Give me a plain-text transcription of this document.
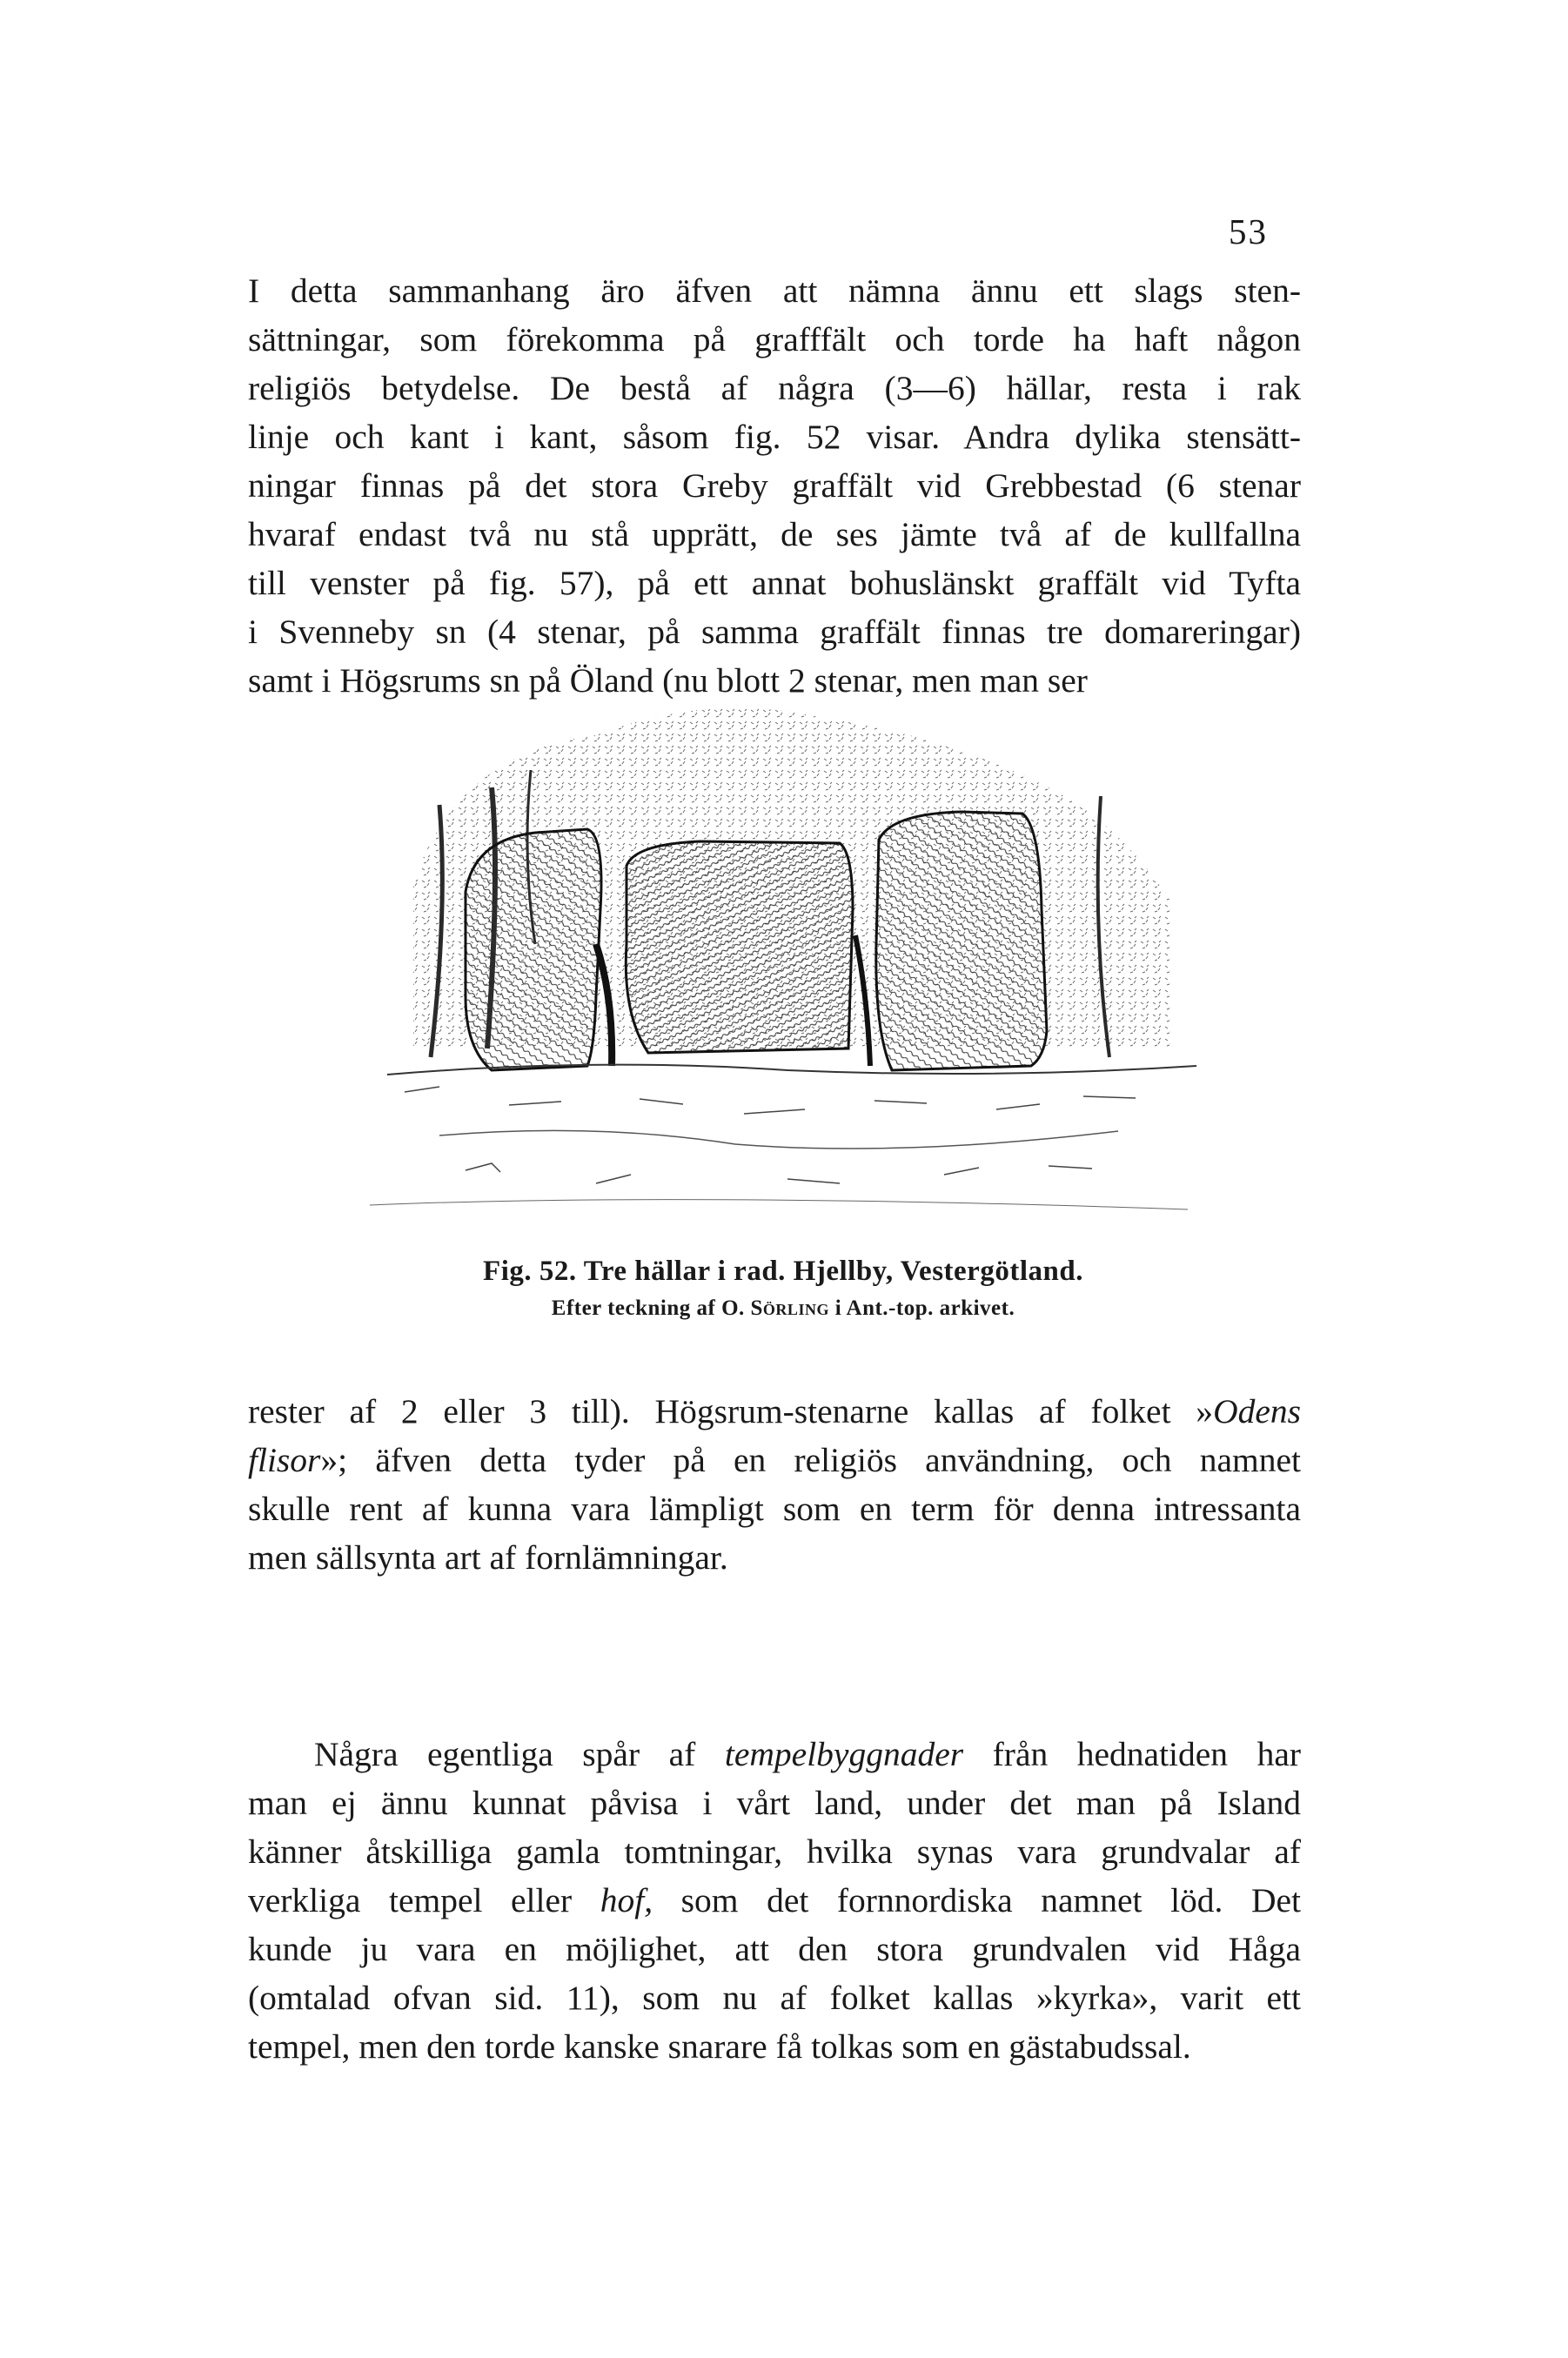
53

I detta sammanhang äro äfven att nämna ännu ett slags sten-
sättningar, som förekomma på grafffält och torde ha haft någon
religiös betydelse. De bestå af några (3—6) hällar, resta i rak
linje och kant i kant, såsom fig. 52 visar. Andra dylika stensätt-
ningar finnas på det stora Greby graffält vid Grebbestad (6 stenar
hvaraf endast två nu stå upprätt, de ses jämte två af de kullfallna
till venster på fig. 57), på ett annat bohuslänskt graffält vid Tyfta
i Svenneby sn (4 stenar, på samma graffält finnas tre domareringar)
samt i Högsrums sn på Öland (nu blott 2 stenar, men man ser

Fig. 52. Tre hällar i rad. Hjellby, Vestergötland.
Efter teckning af O. Sörling i Ant.-top. arkivet.

rester af 2 eller 3 till). Högsrum-stenarne kallas af folket »Odens
flisor»; äfven detta tyder på en religiös användning, och namnet
skulle rent af kunna vara lämpligt som en term för denna intressanta
men sällsynta art af fornlämningar.

Några egentliga spår af tempelbyggnader från hednatiden har
man ej ännu kunnat påvisa i vårt land, under det man på Island
känner åtskilliga gamla tomtningar, hvilka synas vara grundvalar af
verkliga tempel eller hof, som det fornnordiska namnet löd. Det
kunde ju vara en möjlighet, att den stora grundvalen vid Håga
(omtalad ofvan sid. 11), som nu af folket kallas »kyrka», varit ett
tempel, men den torde kanske snarare få tolkas som en gästabudssal.
